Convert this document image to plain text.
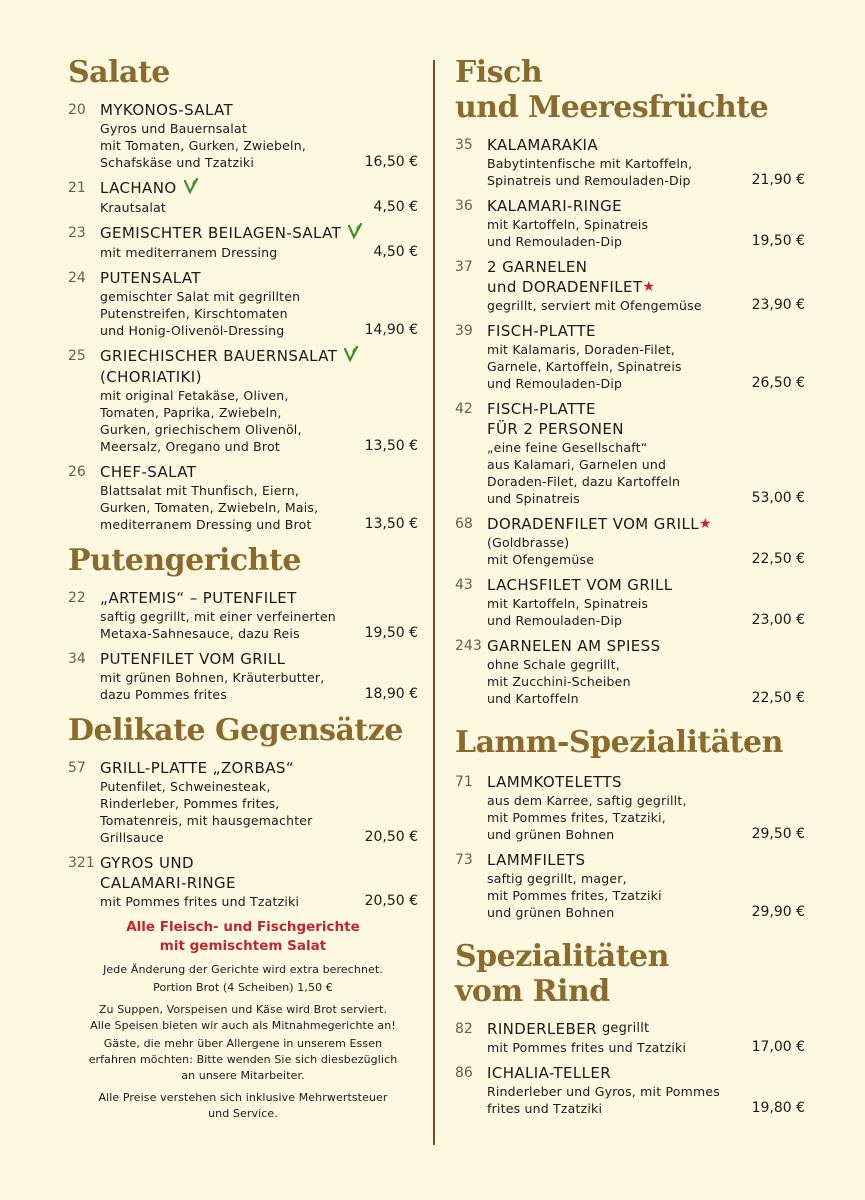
Salate
20 MYKONOS-SALAT
Gyros und Bauernsalat
mit Tomaten, Gurken, Zwiebeln,
Schafskäse und Tzatziki	16,50 €
21 LACHANO
Krautsalat	4,50 €
23 GEMISCHTER BEILAGEN-SALAT
mit mediterranem Dressing	4,50 €
24 PUTENSALAT
gemischter Salat mit gegrillten
Putenstreifen, Kirschtomaten
und Honig-Olivenöl-Dressing	14,90 €
25 GRIECHISCHER BAUERNSALAT
(CHORIATIKI)
mit original Fetakäse, Oliven,
Tomaten, Paprika, Zwiebeln,
Gurken, griechischem Olivenöl,
Meersalz, Oregano und Brot	13,50 €
26 CHEF-SALAT
Blattsalat mit Thunfisch, Eiern,
Gurken, Tomaten, Zwiebeln, Mais,
mediterranem Dressing und Brot	13,50 €
Putengerichte
22 „ARTEMIS“ – PUTENFILET
saftig gegrillt, mit einer verfeinerten
Metaxa-Sahnesauce, dazu Reis	19,50 €
34 PUTENFILET VOM GRILL
mit grünen Bohnen, Kräuterbutter,
dazu Pommes frites	18,90 €
Delikate Gegensätze
57 GRILL-PLATTE „ZORBAS“
Putenfilet, Schweinesteak,
Rinderleber, Pommes frites,
Tomatenreis, mit hausgemachter
Grillsauce	20,50 €
321 GYROS UND
CALAMARI-RINGE
mit Pommes frites und Tzatziki	20,50 €
Alle Fleisch- und Fischgerichte
mit gemischtem Salat
Jede Änderung der Gerichte wird extra berechnet.
Portion Brot (4 Scheiben) 1,50 €
Zu Suppen, Vorspeisen und Käse wird Brot serviert.
Alle Speisen bieten wir auch als Mitnahmegerichte an!
Gäste, die mehr über Allergene in unserem Essen
erfahren möchten: Bitte wenden Sie sich diesbezüglich
an unsere Mitarbeiter.
Alle Preise verstehen sich inklusive Mehrwertsteuer
und Service.
Fisch
und Meeresfrüchte
35 KALAMARAKIA
Babytintenfische mit Kartoffeln,
Spinatreis und Remouladen-Dip	21,90 €
36 KALAMARI-RINGE
mit Kartoffeln, Spinatreis
und Remouladen-Dip	19,50 €
37 2 GARNELEN
und DORADENFILET ★
gegrillt, serviert mit Ofengemüse	23,90 €
39 FISCH-PLATTE
mit Kalamaris, Doraden-Filet,
Garnele, Kartoffeln, Spinatreis
und Remouladen-Dip	26,50 €
42 FISCH-PLATTE
FÜR 2 PERSONEN
„eine feine Gesellschaft“
aus Kalamari, Garnelen und
Doraden-Filet, dazu Kartoffeln
und Spinatreis	53,00 €
68 DORADENFILET VOM GRILL ★
(Goldbrasse)
mit Ofengemüse	22,50 €
43 LACHSFILET VOM GRILL
mit Kartoffeln, Spinatreis
und Remouladen-Dip	23,00 €
243 GARNELEN AM SPIESS
ohne Schale gegrillt,
mit Zucchini-Scheiben
und Kartoffeln	22,50 €
Lamm-Spezialitäten
71 LAMMKOTELETTS
aus dem Karree, saftig gegrillt,
mit Pommes frites, Tzatziki,
und grünen Bohnen	29,50 €
73 LAMMFILETS
saftig gegrillt, mager,
mit Pommes frites, Tzatziki
und grünen Bohnen	29,90 €
Spezialitäten
vom Rind
82 RINDERLEBER gegrillt
mit Pommes frites und Tzatziki	17,00 €
86 ICHALIA-TELLER
Rinderleber und Gyros, mit Pommes
frites und Tzatziki	19,80 €
